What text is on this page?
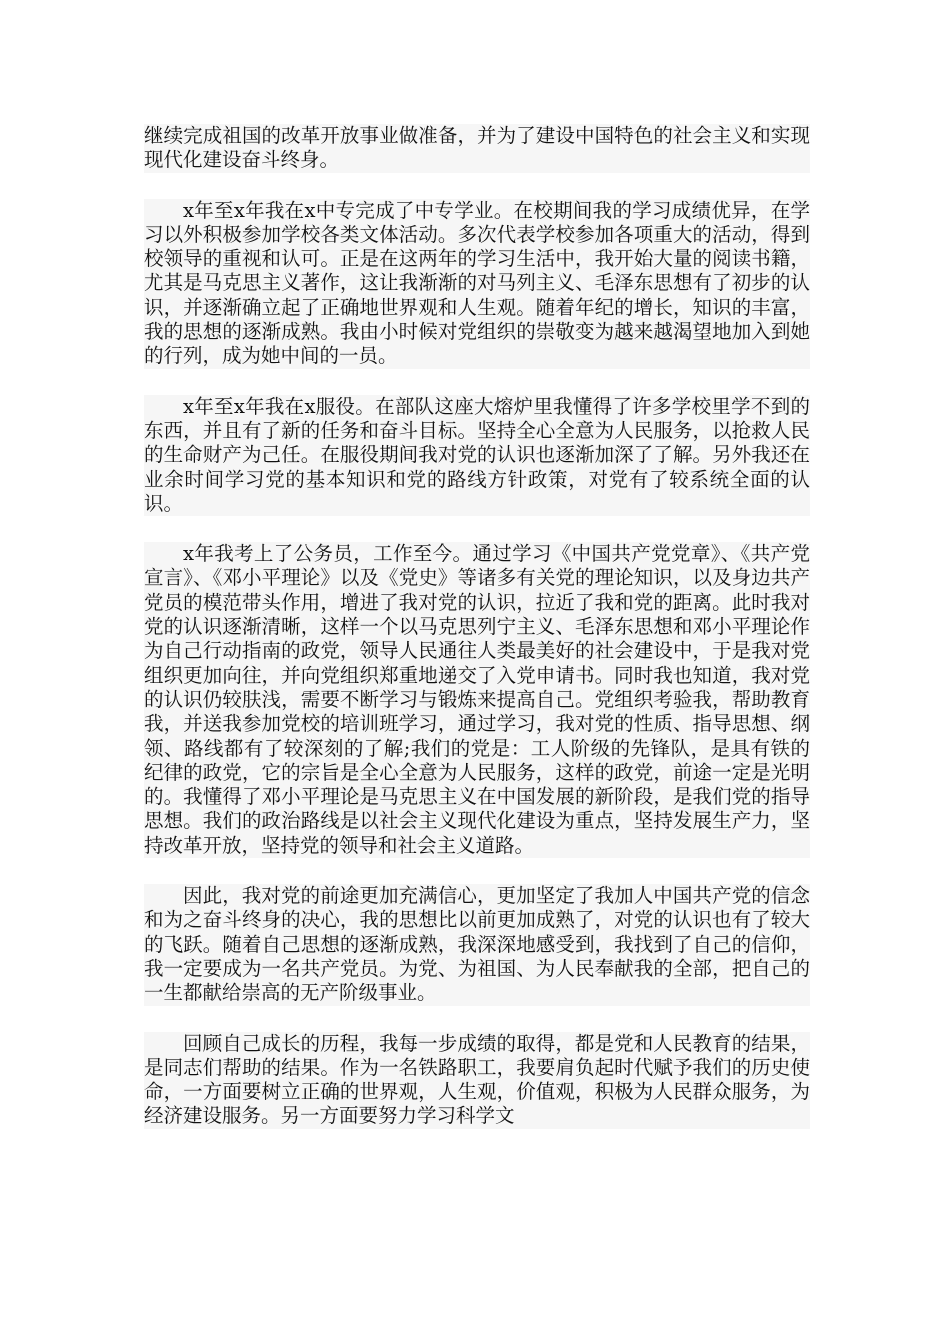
继续完成祖国的改革开放事业做准备，并为了建设中国特色的社会主义和实现现代化建设奋斗终身。

x年至x年我在x中专完成了中专学业。在校期间我的学习成绩优异，在学习以外积极参加学校各类文体活动。多次代表学校参加各项重大的活动，得到校领导的重视和认可。正是在这两年的学习生活中，我开始大量的阅读书籍，尤其是马克思主义著作，这让我渐渐的对马列主义、毛泽东思想有了初步的认识，并逐渐确立起了正确地世界观和人生观。随着年纪的增长，知识的丰富，我的思想的逐渐成熟。我由小时候对党组织的崇敬变为越来越渴望地加入到她的行列，成为她中间的一员。

x年至x年我在x服役。在部队这座大熔炉里我懂得了许多学校里学不到的东西，并且有了新的任务和奋斗目标。坚持全心全意为人民服务，以抢救人民的生命财产为己任。在服役期间我对党的认识也逐渐加深了了解。另外我还在业余时间学习党的基本知识和党的路线方针政策，对党有了较系统全面的认识。

x年我考上了公务员，工作至今。通过学习《中国共产党党章》、《共产党宣言》、《邓小平理论》以及《党史》等诸多有关党的理论知识，以及身边共产党员的模范带头作用，增进了我对党的认识，拉近了我和党的距离。此时我对党的认识逐渐清晰，这样一个以马克思列宁主义、毛泽东思想和邓小平理论作为自己行动指南的政党，领导人民通往人类最美好的社会建设中，于是我对党组织更加向往，并向党组织郑重地递交了入党申请书。同时我也知道，我对党的认识仍较肤浅，需要不断学习与锻炼来提高自己。党组织考验我，帮助教育我，并送我参加党校的培训班学习，通过学习，我对党的性质、指导思想、纲领、路线都有了较深刻的了解;我们的党是：工人阶级的先锋队，是具有铁的纪律的政党，它的宗旨是全心全意为人民服务，这样的政党，前途一定是光明的。我懂得了邓小平理论是马克思主义在中国发展的新阶段，是我们党的指导思想。我们的政治路线是以社会主义现代化建设为重点，坚持发展生产力，坚持改革开放，坚持党的领导和社会主义道路。

因此，我对党的前途更加充满信心，更加坚定了我加人中国共产党的信念和为之奋斗终身的决心，我的思想比以前更加成熟了，对党的认识也有了较大的飞跃。随着自己思想的逐渐成熟，我深深地感受到，我找到了自己的信仰，我一定要成为一名共产党员。为党、为祖国、为人民奉献我的全部，把自己的一生都献给崇高的无产阶级事业。

回顾自己成长的历程，我每一步成绩的取得，都是党和人民教育的结果，是同志们帮助的结果。作为一名铁路职工，我要肩负起时代赋予我们的历史使命，一方面要树立正确的世界观，人生观，价值观，积极为人民群众服务，为经济建设服务。另一方面要努力学习科学文
